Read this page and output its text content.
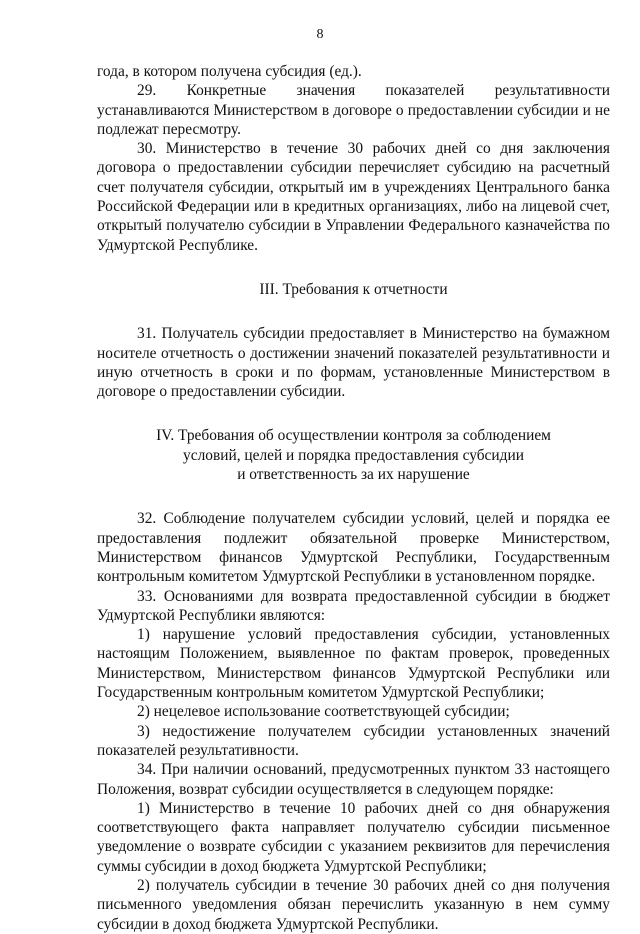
8

года, в котором получена субсидия (ед.).

29. Конкретные значения показателей результативности устанавливаются Министерством в договоре о предоставлении субсидии и не подлежат пересмотру.

30. Министерство в течение 30 рабочих дней со дня заключения договора о предоставлении субсидии перечисляет субсидию на расчетный счет получателя субсидии, открытый им в учреждениях Центрального банка Российской Федерации или в кредитных организациях, либо на лицевой счет, открытый получателю субсидии в Управлении Федерального казначейства по Удмуртской Республике.

III. Требования к отчетности

31. Получатель субсидии предоставляет в Министерство на бумажном носителе отчетность о достижении значений показателей результативности и иную отчетность в сроки и по формам, установленные Министерством в договоре о предоставлении субсидии.

IV. Требования об осуществлении контроля за соблюдением
условий, целей и порядка предоставления субсидии
и ответственность за их нарушение

32. Соблюдение получателем субсидии условий, целей и порядка ее предоставления подлежит обязательной проверке Министерством, Министерством финансов Удмуртской Республики, Государственным контрольным комитетом Удмуртской Республики в установленном порядке.

33. Основаниями для возврата предоставленной субсидии в бюджет Удмуртской Республики являются:

1) нарушение условий предоставления субсидии, установленных настоящим Положением, выявленное по фактам проверок, проведенных Министерством, Министерством финансов Удмуртской Республики или Государственным контрольным комитетом Удмуртской Республики;

2) нецелевое использование соответствующей субсидии;

3) недостижение получателем субсидии установленных значений показателей результативности.

34. При наличии оснований, предусмотренных пунктом 33 настоящего Положения, возврат субсидии осуществляется в следующем порядке:

1) Министерство в течение 10 рабочих дней со дня обнаружения соответствующего факта направляет получателю субсидии письменное уведомление о возврате субсидии с указанием реквизитов для перечисления суммы субсидии в доход бюджета Удмуртской Республики;

2) получатель субсидии в течение 30 рабочих дней со дня получения письменного уведомления обязан перечислить указанную в нем сумму субсидии в доход бюджета Удмуртской Республики.
